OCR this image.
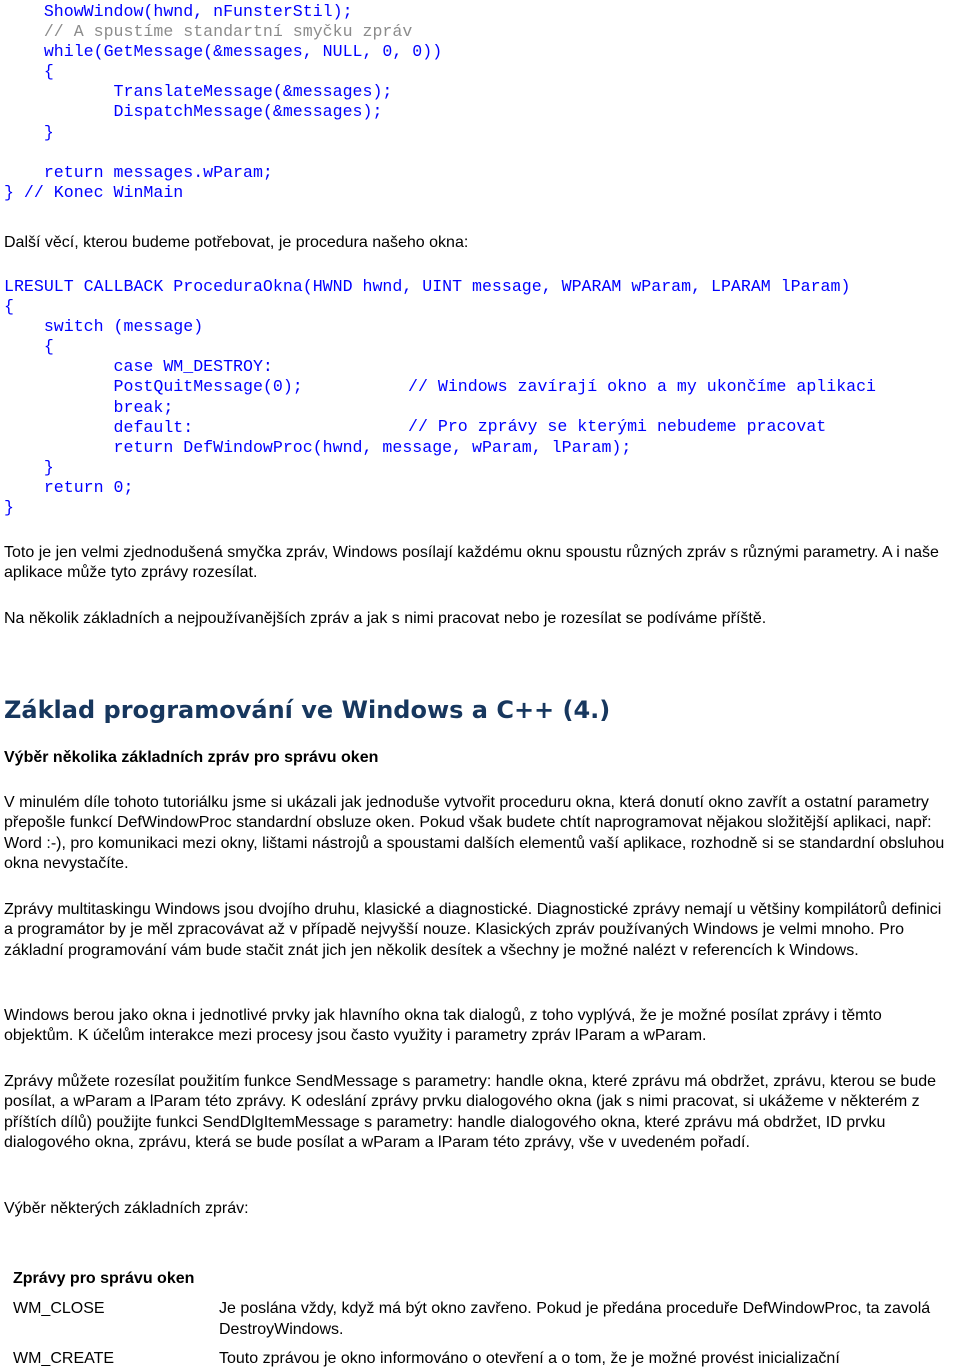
ShowWindow(hwnd, nFunsterStil);
// A spustíme standartní smyčku zpráv
while(GetMessage(&messages, NULL, 0, 0))
{
TranslateMessage(&messages);
DispatchMessage(&messages);
}

return messages.wParam;
} // Konec WinMain

Další věcí, kterou budeme potřebovat, je procedura našeho okna:

LRESULT CALLBACK ProceduraOkna(HWND hwnd, UINT message, WPARAM wParam, LPARAM lParam)
{
switch (message)
{
case WM_DESTROY:
PostQuitMessage(0);
break;
default:
return DefWindowProc(hwnd, message, wParam, lParam);
}
return 0;
}
// Windows zavírají okno a my ukončíme aplikaci
// Pro zprávy se kterými nebudeme pracovat

Toto je jen velmi zjednodušená smyčka zpráv, Windows posílají každému oknu spoustu různých zpráv s různými parametry. A i naše aplikace může tyto zprávy rozesílat.

Na několik základních a nejpoužívanějších zpráv a jak s nimi pracovat nebo je rozesílat se podíváme příště.

Základ programování ve Windows a C++ (4.)

Výběr několika základních zpráv pro správu oken

V minulém díle tohoto tutoriálku jsme si ukázali jak jednoduše vytvořit proceduru okna, která donutí okno zavřít a ostatní parametry přepošle funkcí DefWindowProc standardní obsluze oken. Pokud však budete chtít naprogramovat nějakou složitější aplikaci, např: Word :-), pro komunikaci mezi okny, lištami nástrojů a spoustami dalších elementů vaší aplikace, rozhodně si se standardní obsluhou okna nevystačíte.

Zprávy multitaskingu Windows jsou dvojího druhu, klasické a diagnostické. Diagnostické zprávy nemají u většiny kompilátorů definici a programátor by je měl zpracovávat až v případě nejvyšší nouze. Klasických zpráv používaných Windows je velmi mnoho. Pro základní programování vám bude stačit znát jich jen několik desítek a všechny je možné nalézt v referencích k Windows.

Windows berou jako okna i jednotlivé prvky jak hlavního okna tak dialogů, z toho vyplývá, že je možné posílat zprávy i těmto objektům. K účelům interakce mezi procesy jsou často využity i parametry zpráv lParam a wParam.

Zprávy můžete rozesílat použitím funkce SendMessage s parametry: handle okna, které zprávu má obdržet, zprávu, kterou se bude posílat, a wParam a lParam této zprávy. K odeslání zprávy prvku dialogového okna (jak s nimi pracovat, si ukážeme v některém z příštích dílů) použijte funkci SendDlgItemMessage s parametry: handle dialogového okna, které zprávu má obdržet, ID prvku dialogového okna, zprávu, která se bude posílat a wParam a lParam této zprávy, vše v uvedeném pořadí.

Výběr některých základních zpráv:

Zprávy pro správu oken	
WM_CLOSE	Je poslána vždy, když má být okno zavřeno. Pokud je předána proceduře DefWindowProc, ta zavolá DestroyWindows.
WM_CREATE	Touto zprávou je okno informováno o otevření a o tom, že je možné provést inicializační
